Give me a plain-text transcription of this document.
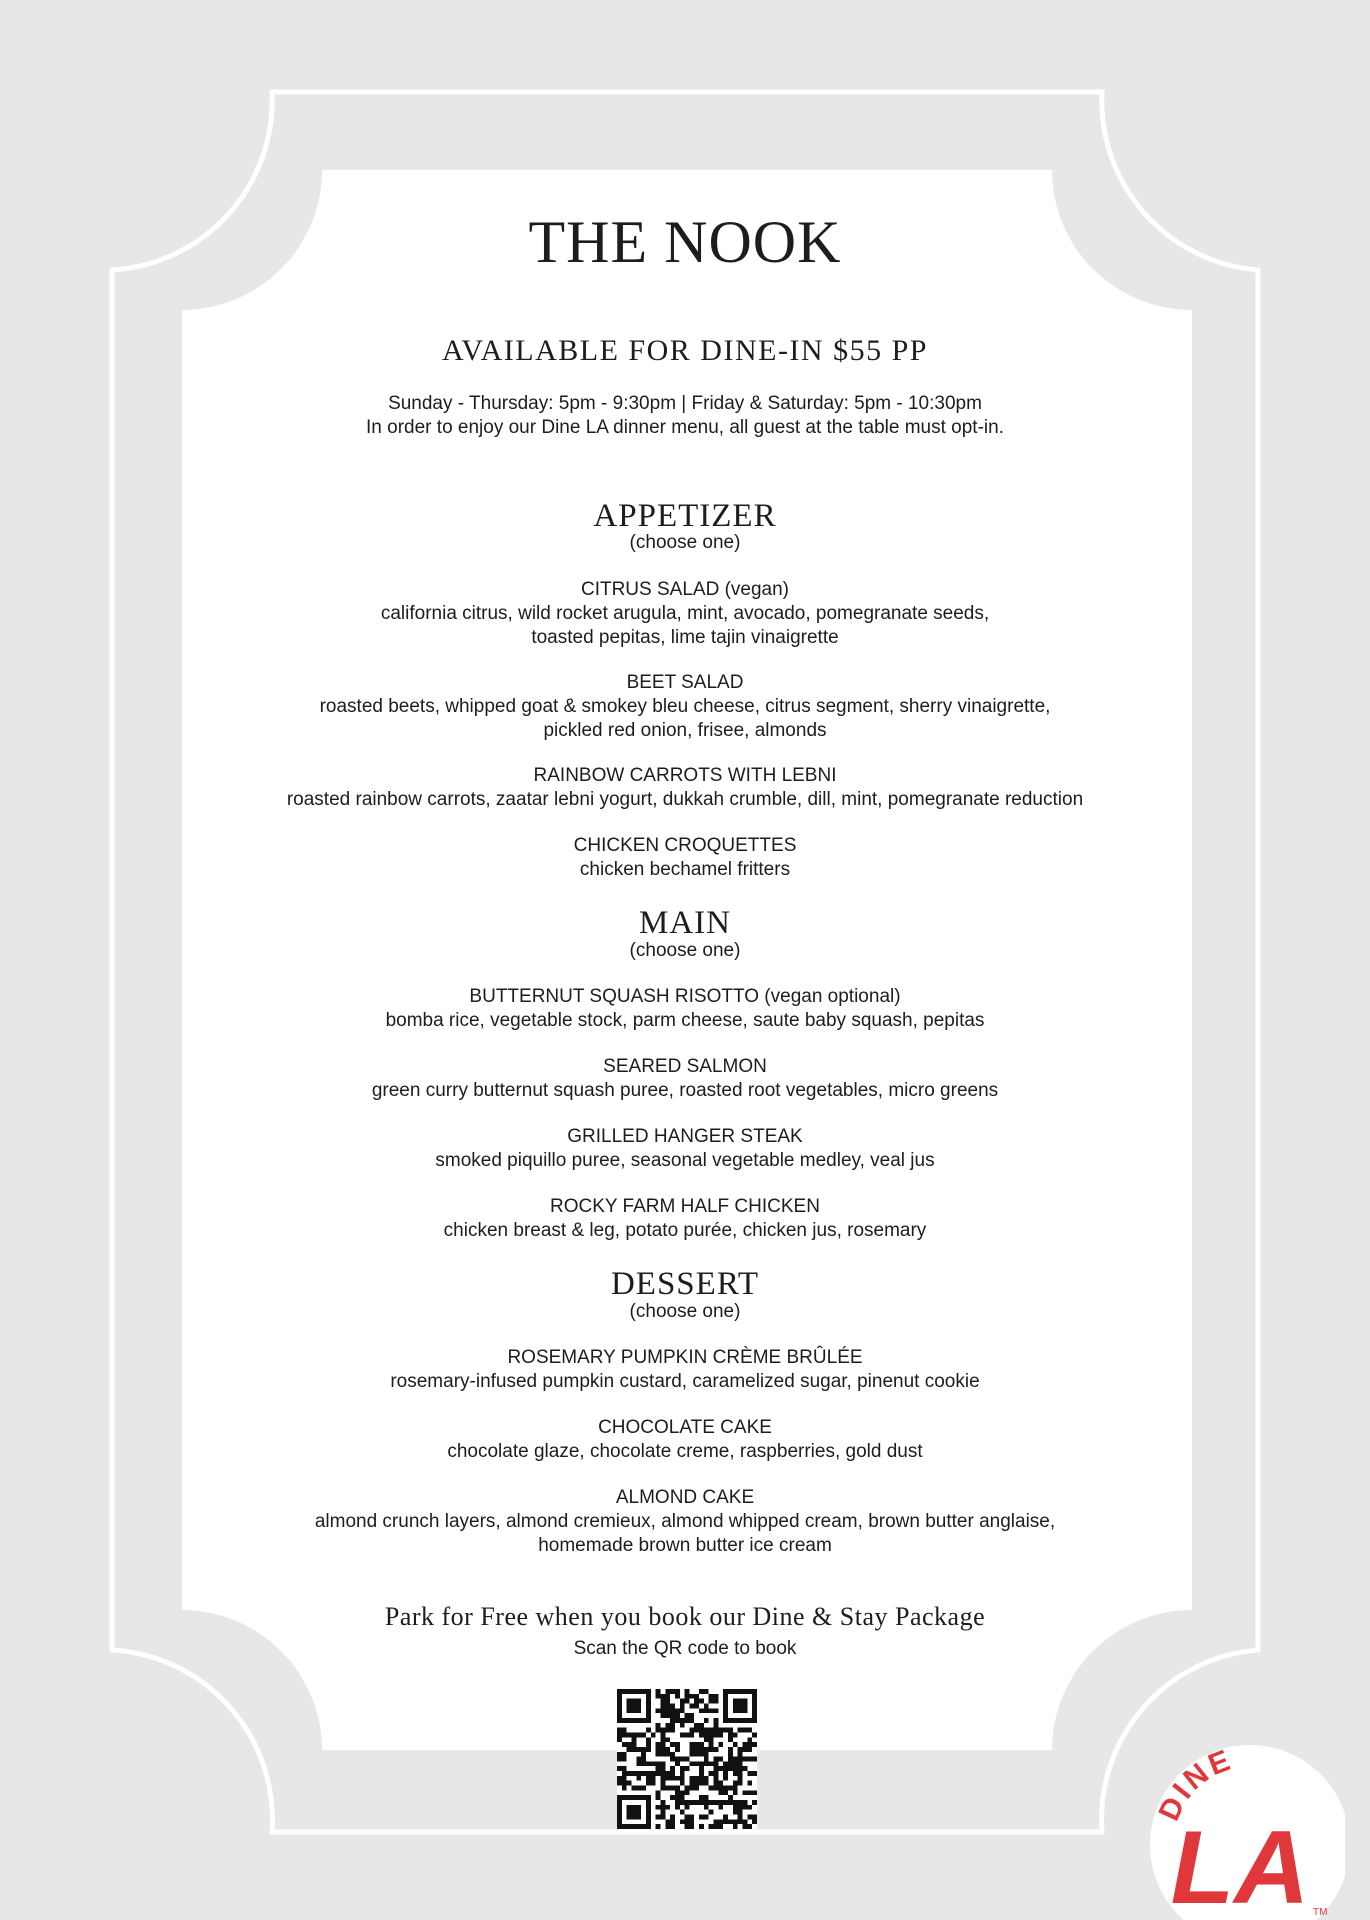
THE NOOK
AVAILABLE FOR DINE-IN $55 PP
Sunday - Thursday: 5pm - 9:30pm | Friday & Saturday: 5pm - 10:30pm
In order to enjoy our Dine LA dinner menu, all guest at the table must opt-in.
APPETIZER
(choose one)
CITRUS SALAD (vegan)
california citrus, wild rocket arugula, mint, avocado, pomegranate seeds,
toasted pepitas, lime tajin vinaigrette
BEET SALAD
roasted beets, whipped goat & smokey bleu cheese, citrus segment, sherry vinaigrette,
pickled red onion, frisee, almonds
RAINBOW CARROTS WITH LEBNI
roasted rainbow carrots, zaatar lebni yogurt, dukkah crumble, dill, mint, pomegranate reduction
CHICKEN CROQUETTES
chicken bechamel fritters
MAIN
(choose one)
BUTTERNUT SQUASH RISOTTO (vegan optional)
bomba rice, vegetable stock, parm cheese, saute baby squash, pepitas
SEARED SALMON
green curry butternut squash puree, roasted root vegetables, micro greens
GRILLED HANGER STEAK
smoked piquillo puree, seasonal vegetable medley, veal jus
ROCKY FARM HALF CHICKEN
chicken breast & leg, potato purée, chicken jus, rosemary
DESSERT
(choose one)
ROSEMARY PUMPKIN CRÈME BRÛLÉE
rosemary-infused pumpkin custard, caramelized sugar, pinenut cookie
CHOCOLATE CAKE
chocolate glaze, chocolate creme, raspberries, gold dust
ALMOND CAKE
almond crunch layers, almond cremieux, almond whipped cream, brown butter anglaise,
homemade brown butter ice cream
Park for Free when you book our Dine & Stay Package
Scan the QR code to book
DINE
LA TM
